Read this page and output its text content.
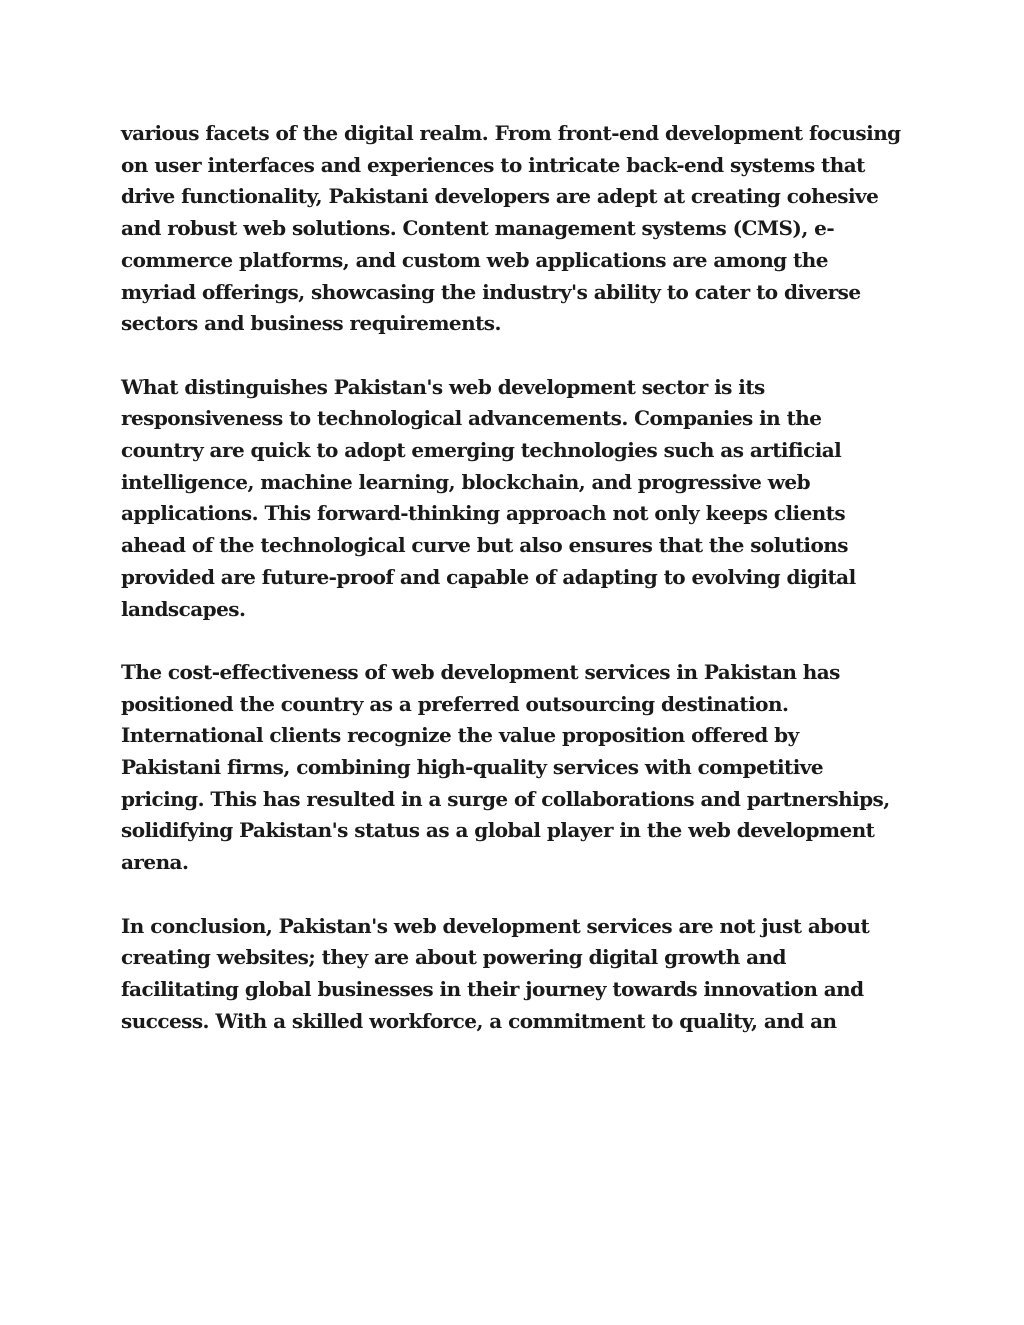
various facets of the digital realm. From front-end development focusing
on user interfaces and experiences to intricate back-end systems that
drive functionality, Pakistani developers are adept at creating cohesive
and robust web solutions. Content management systems (CMS), e-
commerce platforms, and custom web applications are among the
myriad offerings, showcasing the industry's ability to cater to diverse
sectors and business requirements.
What distinguishes Pakistan's web development sector is its
responsiveness to technological advancements. Companies in the
country are quick to adopt emerging technologies such as artificial
intelligence, machine learning, blockchain, and progressive web
applications. This forward-thinking approach not only keeps clients
ahead of the technological curve but also ensures that the solutions
provided are future-proof and capable of adapting to evolving digital
landscapes.
The cost-effectiveness of web development services in Pakistan has
positioned the country as a preferred outsourcing destination.
International clients recognize the value proposition offered by
Pakistani firms, combining high-quality services with competitive
pricing. This has resulted in a surge of collaborations and partnerships,
solidifying Pakistan's status as a global player in the web development
arena.
In conclusion, Pakistan's web development services are not just about
creating websites; they are about powering digital growth and
facilitating global businesses in their journey towards innovation and
success. With a skilled workforce, a commitment to quality, and an
